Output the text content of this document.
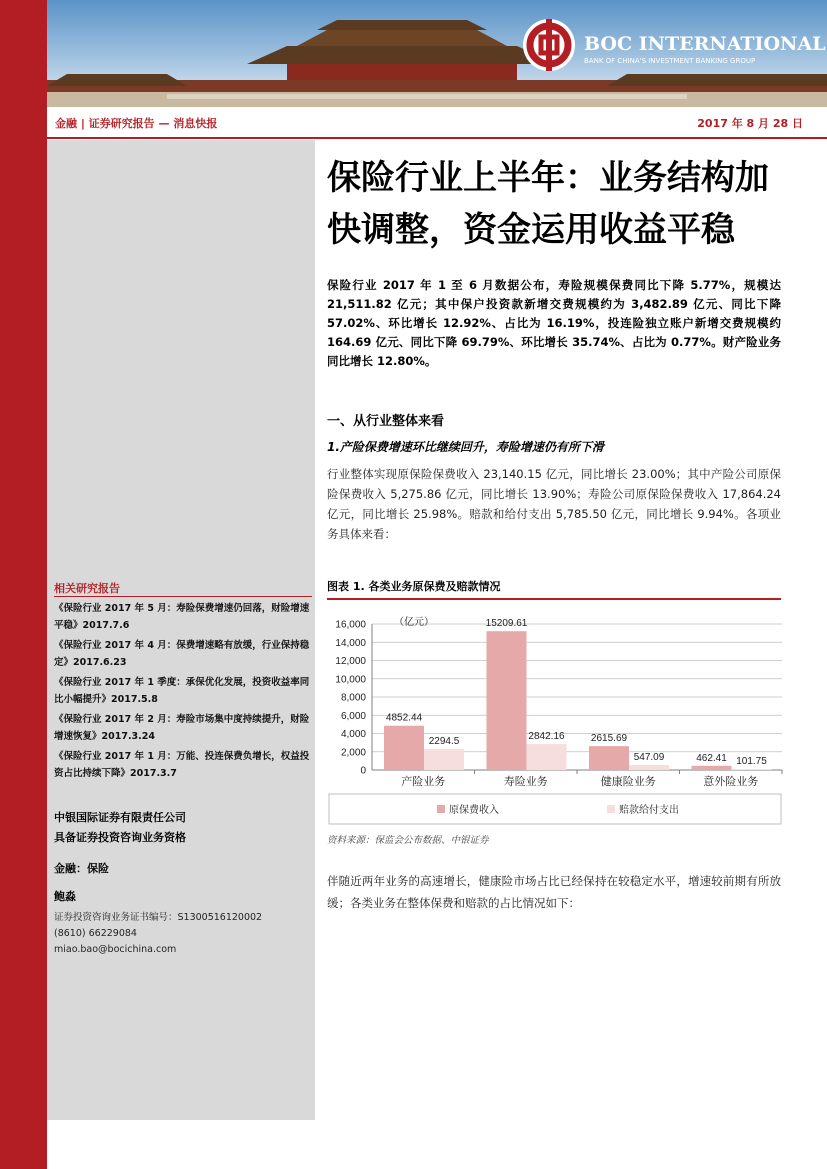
BOC INTERNATIONAL
BANK OF CHINA'S INVESTMENT BANKING GROUP
金融 | 证券研究报告 — 消息快报	2017 年 8 月 28 日
保险行业上半年：业务结构加快调整，资金运用收益平稳
保险行业 2017 年 1 至 6 月数据公布，寿险规模保费同比下降 5.77%，规模达 21,511.82 亿元；其中保户投资款新增交费规模约为 3,482.89 亿元、同比下降 57.02%、环比增长 12.92%、占比为 16.19%，投连险独立账户新增交费规模约 164.69 亿元、同比下降 69.79%、环比增长 35.74%、占比为 0.77%。财产险业务同比增长 12.80%。
一、从行业整体来看
1.产险保费增速环比继续回升，寿险增速仍有所下滑
行业整体实现原保险保费收入 23,140.15 亿元，同比增长 23.00%；其中产险公司原保险保费收入 5,275.86 亿元，同比增长 13.90%；寿险公司原保险保费收入 17,864.24 亿元，同比增长 25.98%。赔款和给付支出 5,785.50 亿元，同比增长 9.94%。各项业务具体来看：
图表 1. 各类业务原保费及赔款情况
0
2,000
4,000
6,000
8,000
10,000
12,000
14,000
16,000	（亿元）
4852.44
2294.5
产险业务
15209.61
2842.16
寿险业务
2615.69
547.09
健康险业务
462.41 101.75
意外险业务
原保费收入	赔款给付支出
资料来源：保监会公布数据、中银证券
伴随近两年业务的高速增长，健康险市场占比已经保持在较稳定水平，增速较前期有所放缓；各类业务在整体保费和赔款的占比情况如下：
相关研究报告
《保险行业 2017 年 5 月：寿险保费增速仍回落，财险增速平稳》2017.7.6
《保险行业 2017 年 4 月：保费增速略有放缓，行业保持稳定》2017.6.23
《保险行业 2017 年 1 季度：承保优化发展，投资收益率同比小幅提升》2017.5.8
《保险行业 2017 年 2 月：寿险市场集中度持续提升，财险增速恢复》2017.3.24
《保险行业 2017 年 1 月：万能、投连保费负增长，权益投资占比持续下降》2017.3.7
中银国际证券有限责任公司
具备证券投资咨询业务资格
金融：保险
鲍淼
证券投资咨询业务证书编号：S1300516120002
(8610) 66229084
miao.bao@bocichina.com
